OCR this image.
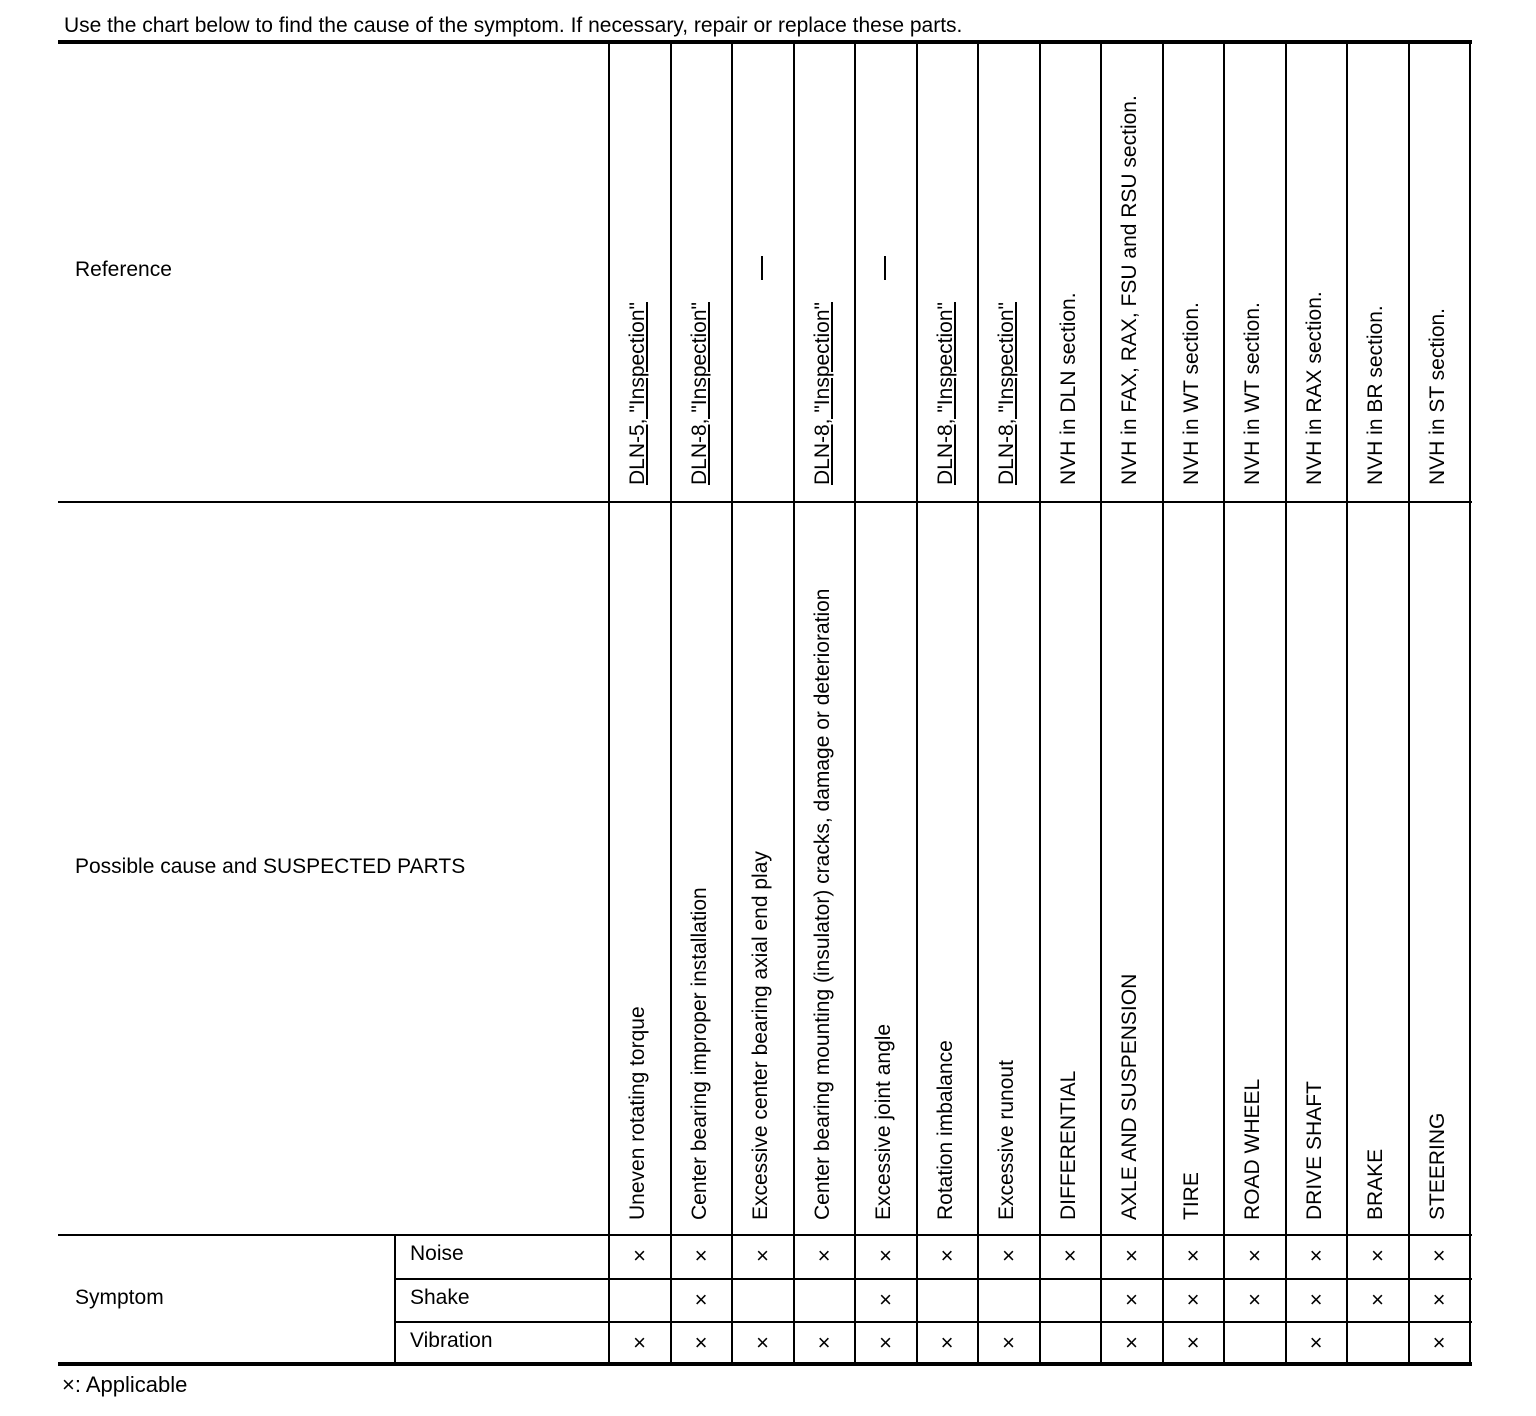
Use the chart below to find the cause of the symptom. If necessary, repair or replace these parts.
Reference
Possible cause and SUSPECTED PARTS
Symptom
Noise
Shake
Vibration
DLN-5, "Inspection"
Uneven rotating torque
×
×
DLN-8, "Inspection"
Center bearing improper installation
×
×
×
Excessive center bearing axial end play
×
×
DLN-8, "Inspection"
Center bearing mounting (insulator) cracks, damage or deterioration
×
×
Excessive joint angle
×
×
×
DLN-8, "Inspection"
Rotation imbalance
×
×
DLN-8, "Inspection"
Excessive runout
×
×
NVH in DLN section.
DIFFERENTIAL
×
NVH in FAX, RAX, FSU and RSU section.
AXLE AND SUSPENSION
×
×
×
NVH in WT section.
TIRE
×
×
×
NVH in WT section.
ROAD WHEEL
×
×
NVH in RAX section.
DRIVE SHAFT
×
×
×
NVH in BR section.
BRAKE
×
×
NVH in ST section.
STEERING
×
×
×
×: Applicable
